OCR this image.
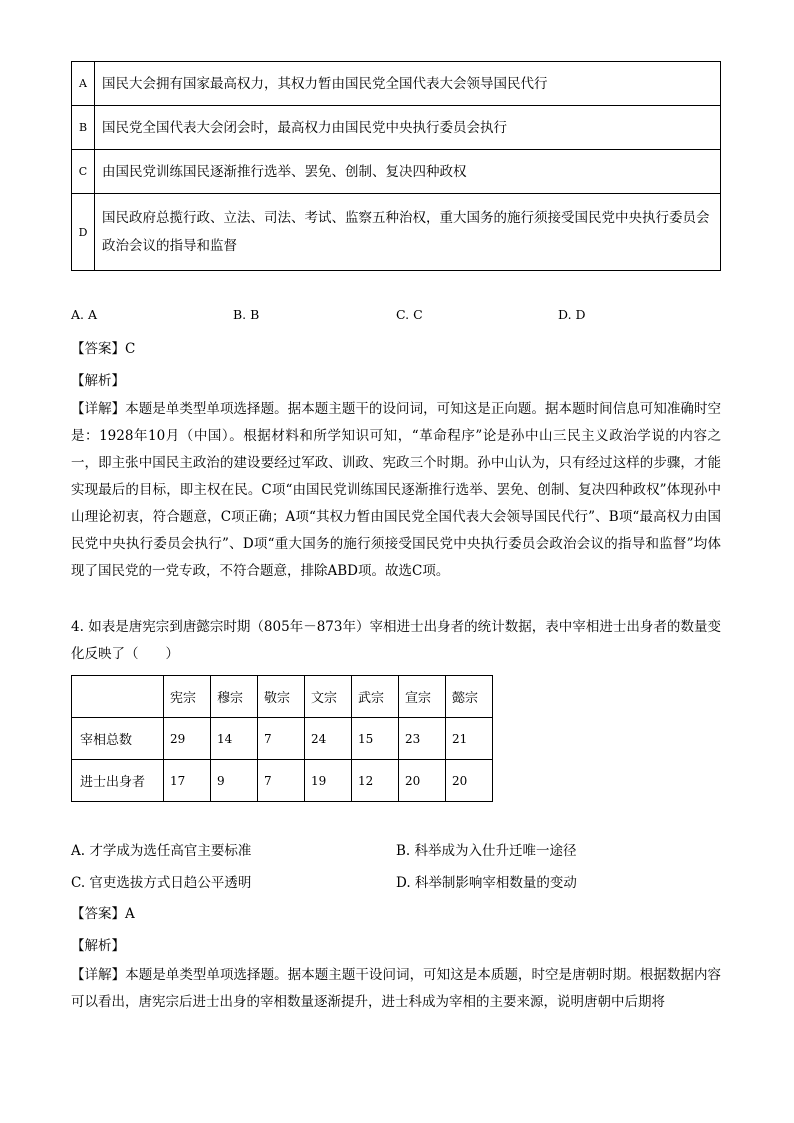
A	国民大会拥有国家最高权力，其权力暂由国民党全国代表大会领导国民代行
B	国民党全国代表大会闭会时，最高权力由国民党中央执行委员会执行
C	由国民党训练国民逐渐推行选举、罢免、创制、复决四种政权
D	国民政府总揽行政、立法、司法、考试、监察五种治权，重大国务的施行须接受国民党中央执行委员会政治会议的指导和监督
A. A	B. B	C. C	D. D
【答案】C
【解析】
【详解】本题是单类型单项选择题。据本题主题干的设问词，可知这是正向题。据本题时间信息可知准确时空是：1928年10月（中国）。根据材料和所学知识可知，“革命程序”论是孙中山三民主义政治学说的内容之一，即主张中国民主政治的建设要经过军政、训政、宪政三个时期。孙中山认为，只有经过这样的步骤，才能实现最后的目标，即主权在民。C项“由国民党训练国民逐渐推行选举、罢免、创制、复决四种政权”体现孙中山理论初衷，符合题意，C项正确；A项“其权力暂由国民党全国代表大会领导国民代行”、B项“最高权力由国民党中央执行委员会执行”、D项“重大国务的施行须接受国民党中央执行委员会政治会议的指导和监督”均体现了国民党的一党专政，不符合题意，排除ABD项。故选C项。
4. 如表是唐宪宗到唐懿宗时期（805年－873年）宰相进士出身者的统计数据，表中宰相进士出身者的数量变化反映了（　　）
	宪宗	穆宗	敬宗	文宗	武宗	宣宗	懿宗
宰相总数	29	14	7	24	15	23	21
进士出身者	17	9	7	19	12	20	20
A. 才学成为选任高官主要标准	B. 科举成为入仕升迁唯一途径
C. 官吏选拔方式日趋公平透明	D. 科举制影响宰相数量的变动
【答案】A
【解析】
【详解】本题是单类型单项选择题。据本题主题干设问词，可知这是本质题，时空是唐朝时期。根据数据内容可以看出，唐宪宗后进士出身的宰相数量逐渐提升，进士科成为宰相的主要来源，说明唐朝中后期将
